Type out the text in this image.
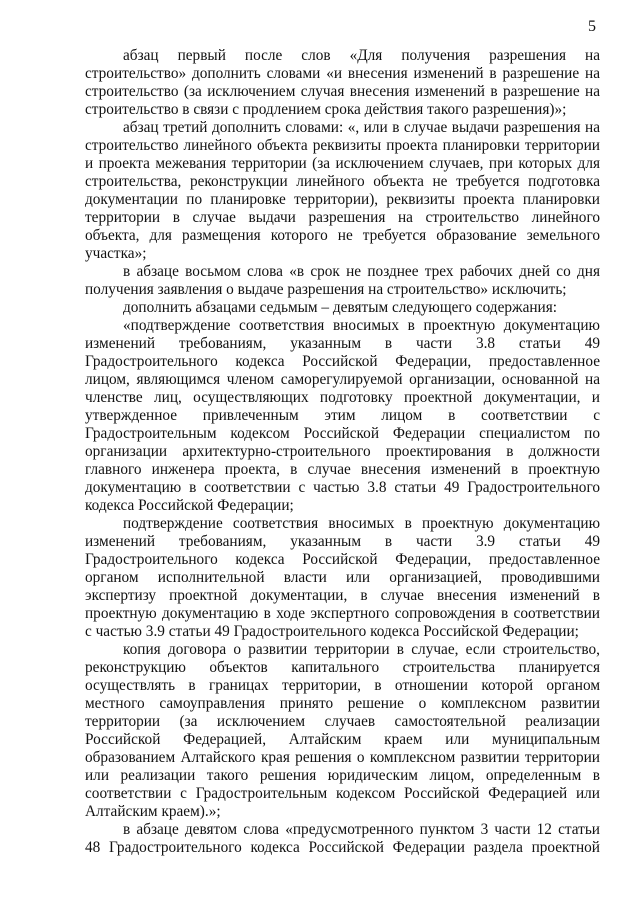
5
абзац первый после слов «Для получения разрешения на
строительство» дополнить словами «и внесения изменений в разрешение на
строительство (за исключением случая внесения изменений в разрешение на
строительство в связи с продлением срока действия такого разрешения)»;
абзац третий дополнить словами: «, или в случае выдачи разрешения на
строительство линейного объекта реквизиты проекта планировки территории
и проекта межевания территории (за исключением случаев, при которых для
строительства, реконструкции линейного объекта не требуется подготовка
документации по планировке территории), реквизиты проекта планировки
территории в случае выдачи разрешения на строительство линейного
объекта, для размещения которого не требуется образование земельного
участка»;
в абзаце восьмом слова «в срок не позднее трех рабочих дней со дня
получения заявления о выдаче разрешения на строительство» исключить;
дополнить абзацами седьмым – девятым следующего содержания:
«подтверждение соответствия вносимых в проектную документацию
изменений требованиям, указанным в части 3.8 статьи 49
Градостроительного кодекса Российской Федерации, предоставленное
лицом, являющимся членом саморегулируемой организации, основанной на
членстве лиц, осуществляющих подготовку проектной документации, и
утвержденное привлеченным этим лицом в соответствии с
Градостроительным кодексом Российской Федерации специалистом по
организации архитектурно-строительного проектирования в должности
главного инженера проекта, в случае внесения изменений в проектную
документацию в соответствии с частью 3.8 статьи 49 Градостроительного
кодекса Российской Федерации;
подтверждение соответствия вносимых в проектную документацию
изменений требованиям, указанным в части 3.9 статьи 49
Градостроительного кодекса Российской Федерации, предоставленное
органом исполнительной власти или организацией, проводившими
экспертизу проектной документации, в случае внесения изменений в
проектную документацию в ходе экспертного сопровождения в соответствии
с частью 3.9 статьи 49 Градостроительного кодекса Российской Федерации;
копия договора о развитии территории в случае, если строительство,
реконструкцию объектов капитального строительства планируется
осуществлять в границах территории, в отношении которой органом
местного самоуправления принято решение о комплексном развитии
территории (за исключением случаев самостоятельной реализации
Российской Федерацией, Алтайским краем или муниципальным
образованием Алтайского края решения о комплексном развитии территории
или реализации такого решения юридическим лицом, определенным в
соответствии с Градостроительным кодексом Российской Федерацией или
Алтайским краем).»;
в абзаце девятом слова «предусмотренного пунктом 3 части 12 статьи
48 Градостроительного кодекса Российской Федерации раздела проектной
